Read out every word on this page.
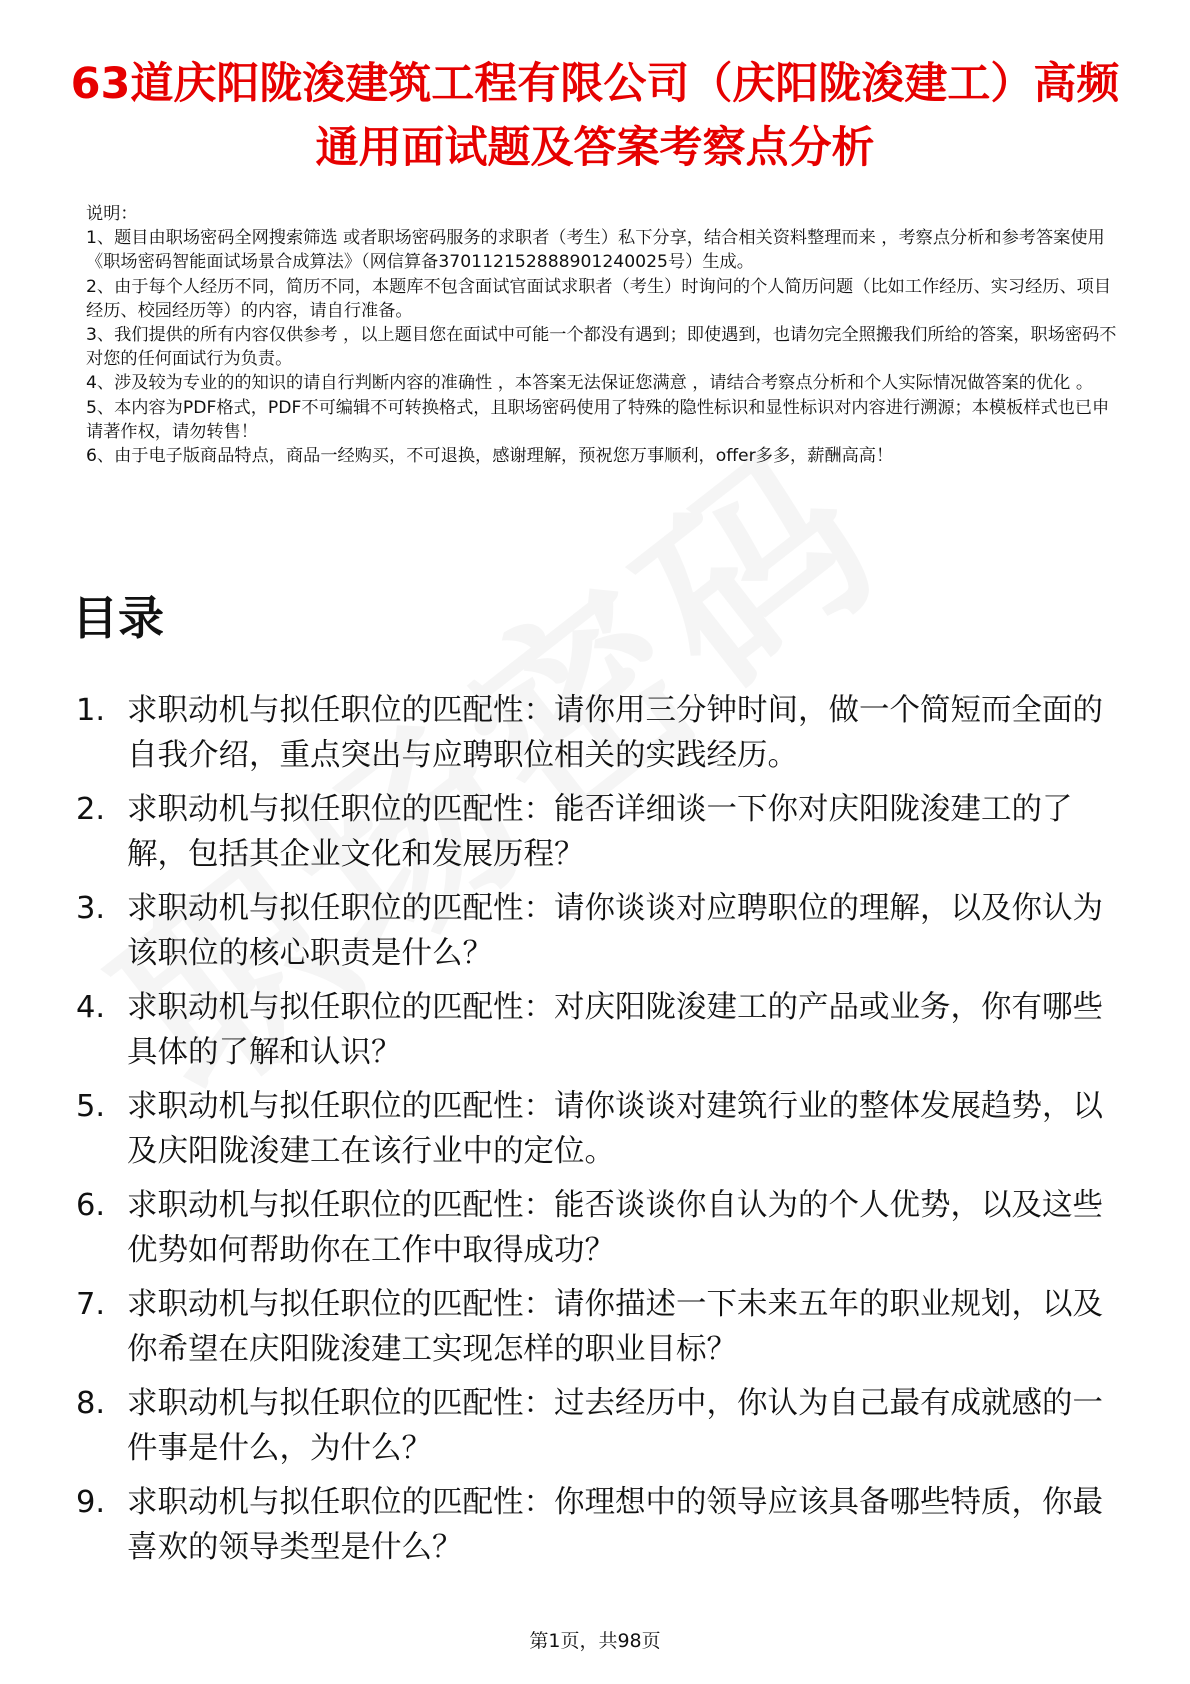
63道庆阳陇浚建筑工程有限公司（庆阳陇浚建工）高频通用面试题及答案考察点分析

说明：

1、题目由职场密码全网搜索筛选 或者职场密码服务的求职者（考生）私下分享，结合相关资料整理而来 ，考察点分析和参考答案使用《职场密码智能面试场景合成算法》（网信算备370112152888901240025号）生成。

2、由于每个人经历不同，简历不同，本题库不包含面试官面试求职者（考生）时询问的个人简历问题（比如工作经历、实习经历、项目经历、校园经历等）的内容，请自行准备。

3、我们提供的所有内容仅供参考 ，以上题目您在面试中可能一个都没有遇到；即使遇到，也请勿完全照搬我们所给的答案，职场密码不对您的任何面试行为负责。

4、涉及较为专业的的知识的请自行判断内容的准确性 ，本答案无法保证您满意 ，请结合考察点分析和个人实际情况做答案的优化 。

5、本内容为PDF格式，PDF不可编辑不可转换格式，且职场密码使用了特殊的隐性标识和显性标识对内容进行溯源；本模板样式也已申请著作权，请勿转售！

6、由于电子版商品特点，商品一经购买，不可退换，感谢理解，预祝您万事顺利，offer多多，薪酬高高！

目录
1. 求职动机与拟任职位的匹配性：请你用三分钟时间，做一个简短而全面的自我介绍，重点突出与应聘职位相关的实践经历。
2. 求职动机与拟任职位的匹配性：能否详细谈一下你对庆阳陇浚建工的了解，包括其企业文化和发展历程？
3. 求职动机与拟任职位的匹配性：请你谈谈对应聘职位的理解，以及你认为该职位的核心职责是什么？
4. 求职动机与拟任职位的匹配性：对庆阳陇浚建工的产品或业务，你有哪些具体的了解和认识？
5. 求职动机与拟任职位的匹配性：请你谈谈对建筑行业的整体发展趋势，以及庆阳陇浚建工在该行业中的定位。
6. 求职动机与拟任职位的匹配性：能否谈谈你自认为的个人优势，以及这些优势如何帮助你在工作中取得成功？
7. 求职动机与拟任职位的匹配性：请你描述一下未来五年的职业规划，以及你希望在庆阳陇浚建工实现怎样的职业目标？
8. 求职动机与拟任职位的匹配性：过去经历中，你认为自己最有成就感的一件事是什么，为什么？
9. 求职动机与拟任职位的匹配性：你理想中的领导应该具备哪些特质，你最喜欢的领导类型是什么？
第1页，共98页
